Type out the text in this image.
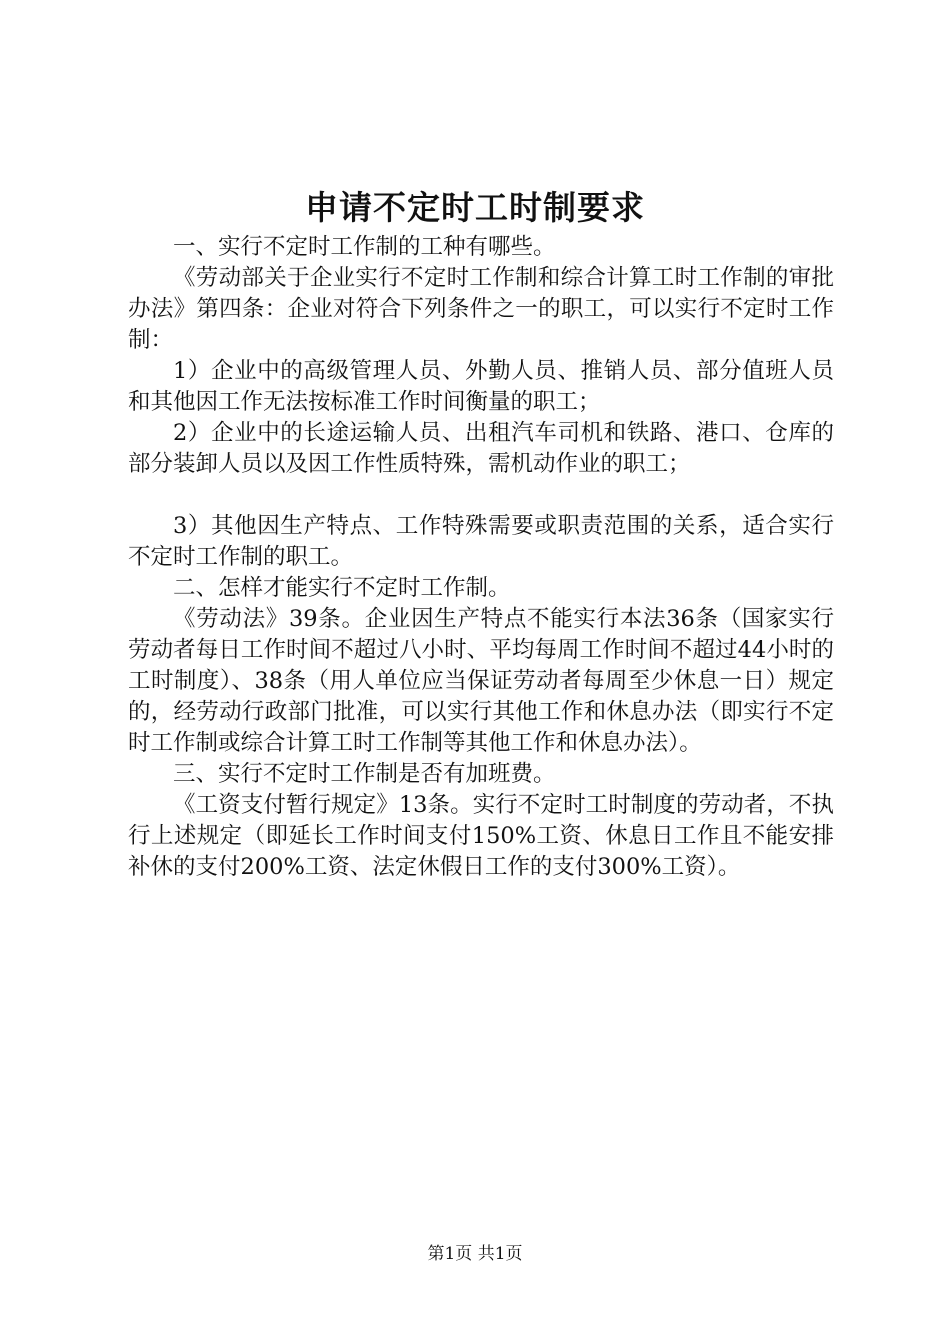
申请不定时工时制要求

一、实行不定时工作制的工种有哪些。

《劳动部关于企业实行不定时工作制和综合计算工时工作制的审批办法》第四条：企业对符合下列条件之一的职工，可以实行不定时工作制：

1）企业中的高级管理人员、外勤人员、推销人员、部分值班人员和其他因工作无法按标准工作时间衡量的职工；

2）企业中的长途运输人员、出租汽车司机和铁路、港口、仓库的部分装卸人员以及因工作性质特殊，需机动作业的职工；

3）其他因生产特点、工作特殊需要或职责范围的关系，适合实行不定时工作制的职工。

二、怎样才能实行不定时工作制。

《劳动法》39条。企业因生产特点不能实行本法36条（国家实行劳动者每日工作时间不超过八小时、平均每周工作时间不超过44小时的工时制度）、38条（用人单位应当保证劳动者每周至少休息一日）规定的，经劳动行政部门批准，可以实行其他工作和休息办法（即实行不定时工作制或综合计算工时工作制等其他工作和休息办法）。

三、实行不定时工作制是否有加班费。

《工资支付暂行规定》13条。实行不定时工时制度的劳动者，不执行上述规定（即延长工作时间支付150%工资、休息日工作且不能安排补休的支付200%工资、法定休假日工作的支付300%工资）。

第1页 共1页
